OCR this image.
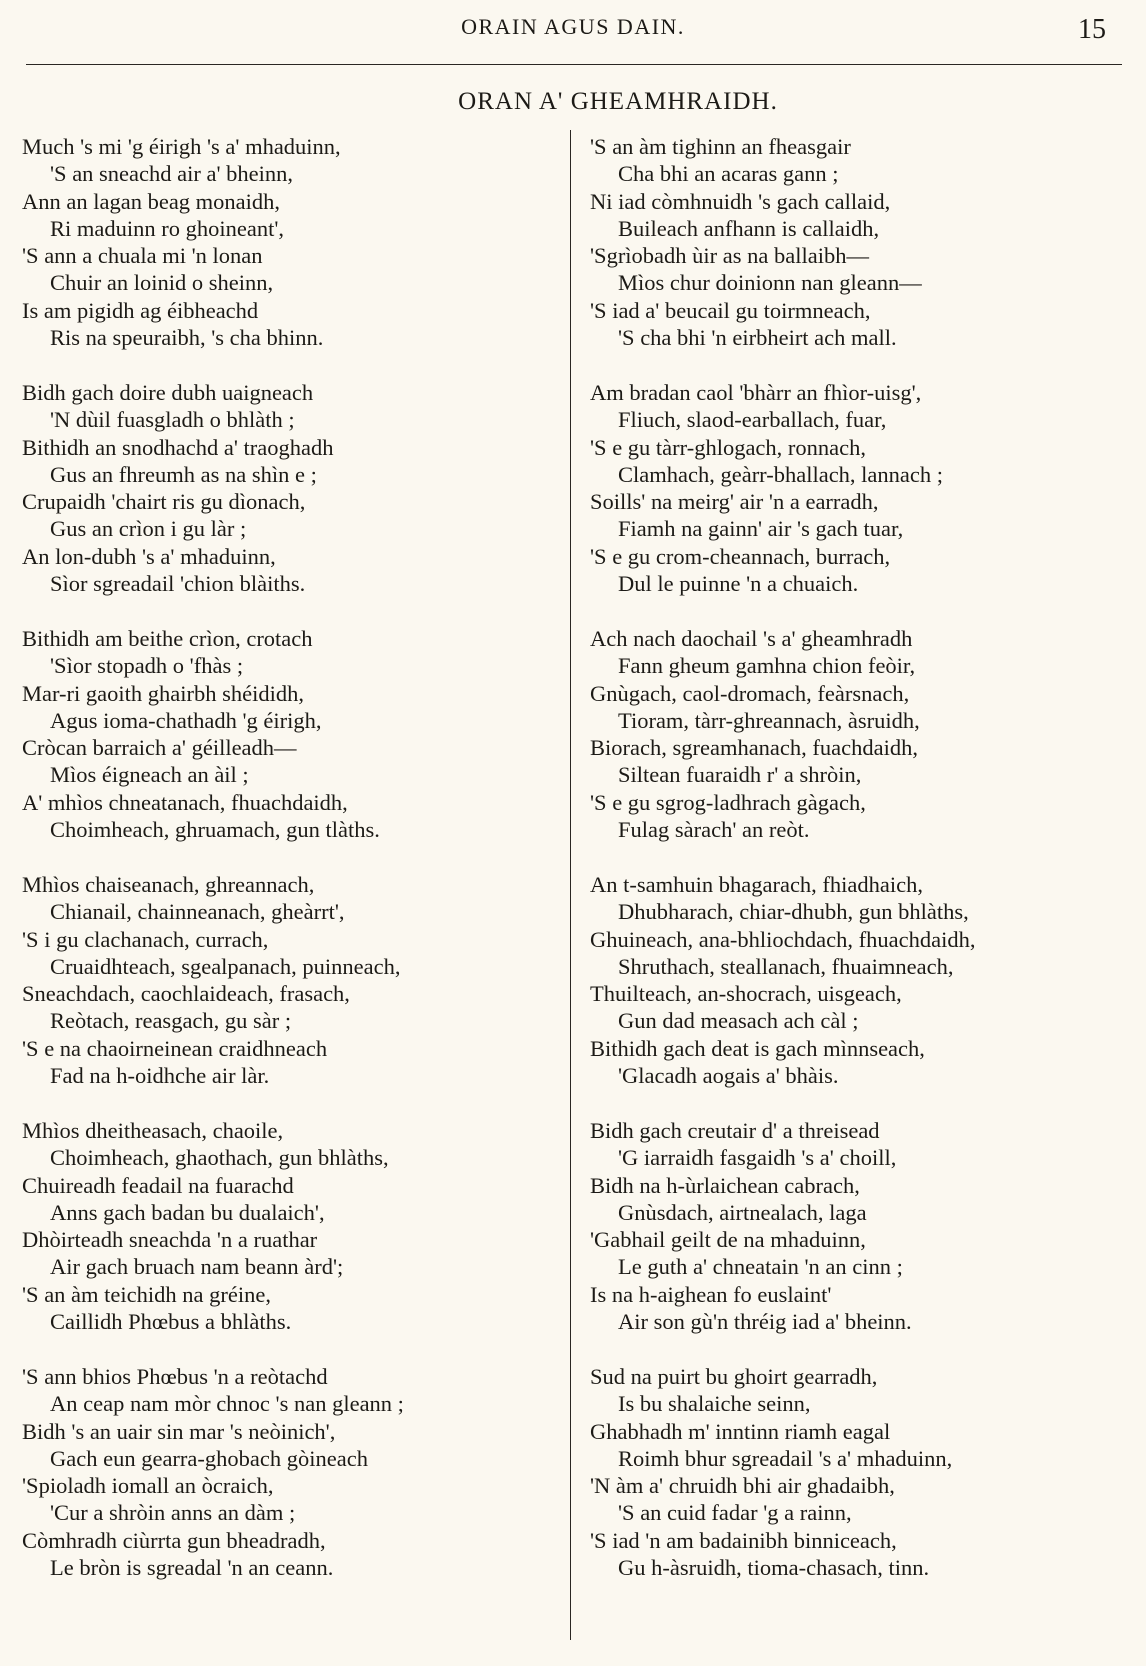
ORAIN AGUS DAIN.	15
ORAN A' GHEAMHRAIDH.
Much 's mi 'g éirigh 's a' mhaduinn,
'S an sneachd air a' bheinn,
Ann an lagan beag monaidh,
Ri maduinn ro ghoineant',
'S ann a chuala mi 'n lonan
Chuir an loinid o sheinn,
Is am pigidh ag éibheachd
Ris na speuraibh, 's cha bhinn.
Bidh gach doire dubh uaigneach
'N dùil fuasgladh o bhlàth ;
Bithidh an snodhachd a' traoghadh
Gus an fhreumh as na shìn e ;
Crupaidh 'chairt ris gu dìonach,
Gus an crìon i gu làr ;
An lon-dubh 's a' mhaduinn,
Sìor sgreadail 'chion blàiths.
Bithidh am beithe crìon, crotach
'Sìor stopadh o 'fhàs ;
Mar-ri gaoith ghairbh shéididh,
Agus ioma-chathadh 'g éirigh,
Cròcan barraich a' géilleadh—
Mìos éigneach an àil ;
A' mhìos chneatanach, fhuachdaidh,
Choimheach, ghruamach, gun tlàths.
Mhìos chaiseanach, ghreannach,
Chianail, chainneanach, gheàrrt',
'S i gu clachanach, currach,
Cruaidhteach, sgealpanach, puinneach,
Sneachdach, caochlaideach, frasach,
Reòtach, reasgach, gu sàr ;
'S e na chaoirneinean craidhneach
Fad na h-oidhche air làr.
Mhìos dheitheasach, chaoile,
Choimheach, ghaothach, gun bhlàths,
Chuireadh feadail na fuarachd
Anns gach badan bu dualaich',
Dhòirteadh sneachda 'n a ruathar
Air gach bruach nam beann àrd';
'S an àm teichidh na gréine,
Caillidh Phœbus a bhlàths.
'S ann bhios Phœbus 'n a reòtachd
An ceap nam mòr chnoc 's nan gleann ;
Bidh 's an uair sin mar 's neòinich',
Gach eun gearra-ghobach gòineach
'Spioladh iomall an òcraich,
'Cur a shròin anns an dàm ;
Còmhradh ciùrrta gun bheadradh,
Le bròn is sgreadal 'n an ceann.
'S an àm tighinn an fheasgair
Cha bhi an acaras gann ;
Ni iad còmhnuidh 's gach callaid,
Buileach anfhann is callaidh,
'Sgrìobadh ùir as na ballaibh—
Mìos chur doinionn nan gleann—
'S iad a' beucail gu toirmneach,
'S cha bhi 'n eirbheirt ach mall.
Am bradan caol 'bhàrr an fhìor-uisg',
Fliuch, slaod-earballach, fuar,
'S e gu tàrr-ghlogach, ronnach,
Clamhach, geàrr-bhallach, lannach ;
Soills' na meirg' air 'n a earradh,
Fiamh na gainn' air 's gach tuar,
'S e gu crom-cheannach, burrach,
Dul le puinne 'n a chuaich.
Ach nach daochail 's a' gheamhradh
Fann gheum gamhna chion feòir,
Gnùgach, caol-dromach, feàrsnach,
Tioram, tàrr-ghreannach, àsruidh,
Biorach, sgreamhanach, fuachdaidh,
Siltean fuaraidh r' a shròin,
'S e gu sgrog-ladhrach gàgach,
Fulag sàrach' an reòt.
An t-samhuin bhagarach, fhiadhaich,
Dhubharach, chiar-dhubh, gun bhlàths,
Ghuineach, ana-bhliochdach, fhuachdaidh,
Shruthach, steallanach, fhuaimneach,
Thuilteach, an-shocrach, uisgeach,
Gun dad measach ach càl ;
Bithidh gach deat is gach mìnnseach,
'Glacadh aogais a' bhàis.
Bidh gach creutair d' a threisead
'G iarraidh fasgaidh 's a' choill,
Bidh na h-ùrlaichean cabrach,
Gnùsdach, airtnealach, laga
'Gabhail geilt de na mhaduinn,
Le guth a' chneatain 'n an cinn ;
Is na h-aighean fo euslaint'
Air son gù'n thréig iad a' bheinn.
Sud na puirt bu ghoirt gearradh,
Is bu shalaiche seinn,
Ghabhadh m' inntinn riamh eagal
Roimh bhur sgreadail 's a' mhaduinn,
'N àm a' chruidh bhi air ghadaibh,
'S an cuid fadar 'g a rainn,
'S iad 'n am badainibh binniceach,
Gu h-àsruidh, tioma-chasach, tinn.
